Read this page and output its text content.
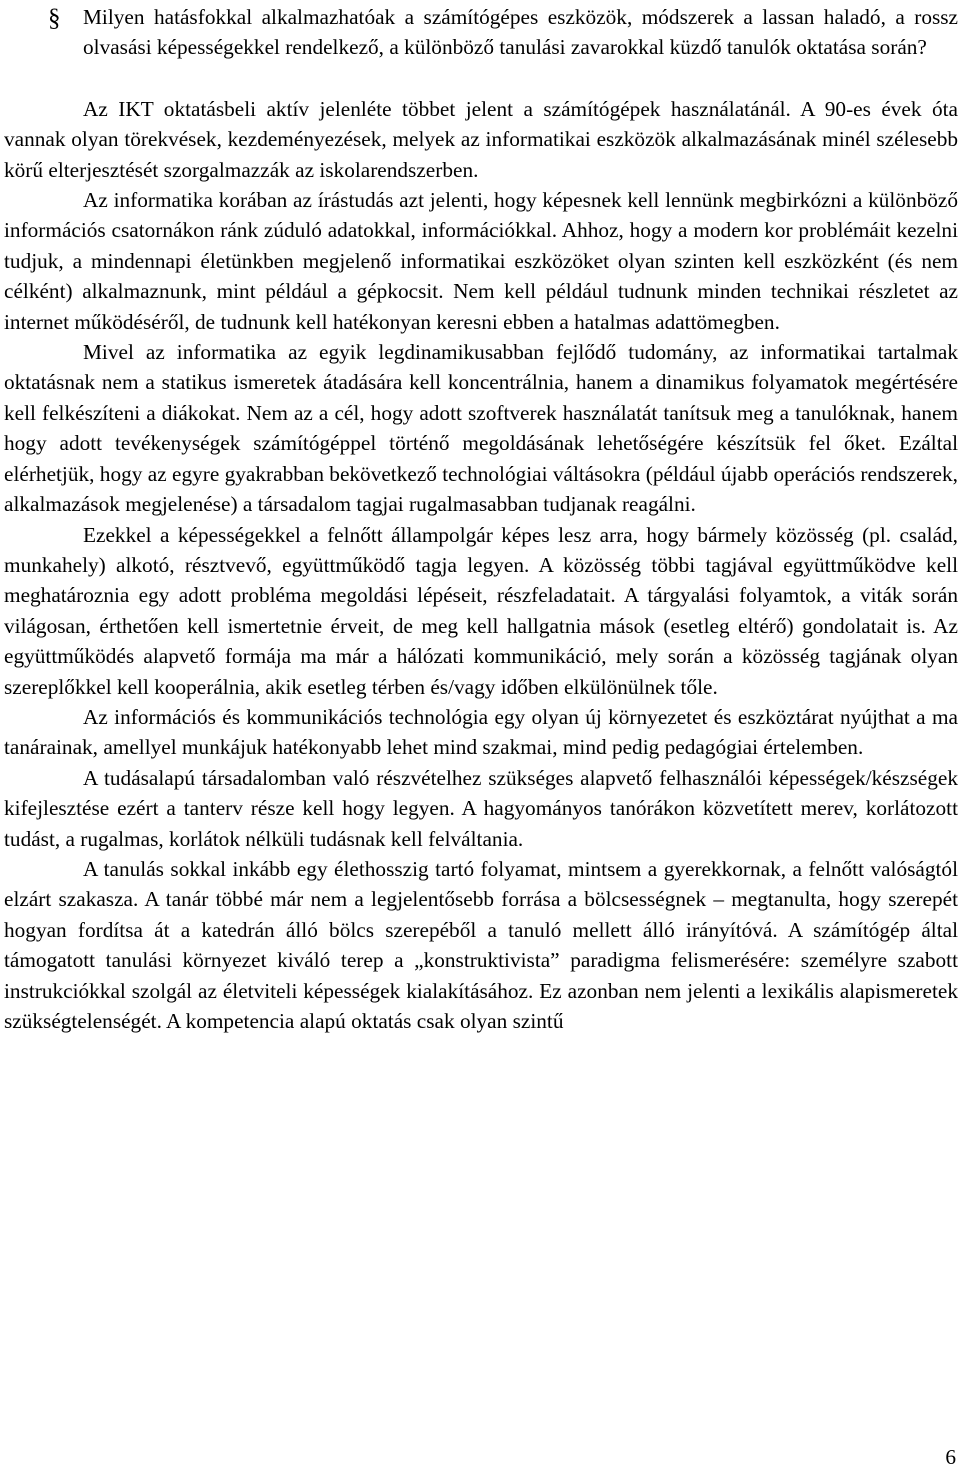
§ Milyen hatásfokkal alkalmazhatóak a számítógépes eszközök, módszerek a lassan haladó, a rossz olvasási képességekkel rendelkező, a különböző tanulási zavarokkal küzdő tanulók oktatása során?

Az IKT oktatásbeli aktív jelenléte többet jelent a számítógépek használatánál. A 90-es évek óta vannak olyan törekvések, kezdeményezések, melyek az informatikai eszközök alkalmazásának minél szélesebb körű elterjesztését szorgalmazzák az iskolarendszerben.

Az informatika korában az írástudás azt jelenti, hogy képesnek kell lennünk megbirkózni a különböző információs csatornákon ránk zúduló adatokkal, információkkal. Ahhoz, hogy a modern kor problémáit kezelni tudjuk, a mindennapi életünkben megjelenő informatikai eszközöket olyan szinten kell eszközként (és nem célként) alkalmaznunk, mint például a gépkocsit. Nem kell például tudnunk minden technikai részletet az internet működéséről, de tudnunk kell hatékonyan keresni ebben a hatalmas adattömegben.

Mivel az informatika az egyik legdinamikusabban fejlődő tudomány, az informatikai tartalmak oktatásnak nem a statikus ismeretek átadására kell koncentrálnia, hanem a dinamikus folyamatok megértésére kell felkészíteni a diákokat. Nem az a cél, hogy adott szoftverek használatát tanítsuk meg a tanulóknak, hanem hogy adott tevékenységek számítógéppel történő megoldásának lehetőségére készítsük fel őket. Ezáltal elérhetjük, hogy az egyre gyakrabban bekövetkező technológiai váltásokra (például újabb operációs rendszerek, alkalmazások megjelenése) a társadalom tagjai rugalmasabban tudjanak reagálni.

Ezekkel a képességekkel a felnőtt állampolgár képes lesz arra, hogy bármely közösség (pl. család, munkahely) alkotó, résztvevő, együttműködő tagja legyen. A közösség többi tagjával együttműködve kell meghatároznia egy adott probléma megoldási lépéseit, részfeladatait. A tárgyalási folyamtok, a viták során világosan, érthetően kell ismertetnie érveit, de meg kell hallgatnia mások (esetleg eltérő) gondolatait is. Az együttműködés alapvető formája ma már a hálózati kommunikáció, mely során a közösség tagjának olyan szereplőkkel kell kooperálnia, akik esetleg térben és/vagy időben elkülönülnek tőle.

Az információs és kommunikációs technológia egy olyan új környezetet és eszköztárat nyújthat a ma tanárainak, amellyel munkájuk hatékonyabb lehet mind szakmai, mind pedig pedagógiai értelemben.

A tudásalapú társadalomban való részvételhez szükséges alapvető felhasználói képességek/készségek kifejlesztése ezért a tanterv része kell hogy legyen. A hagyományos tanórákon közvetített merev, korlátozott tudást, a rugalmas, korlátok nélküli tudásnak kell felváltania.

A tanulás sokkal inkább egy élethosszig tartó folyamat, mintsem a gyerekkornak, a felnőtt valóságtól elzárt szakasza. A tanár többé már nem a legjelentősebb forrása a bölcsességnek – megtanulta, hogy szerepét hogyan fordítsa át a katedrán álló bölcs szerepéből a tanuló mellett álló irányítóvá. A számítógép által támogatott tanulási környezet kiváló terep a „konstruktivista” paradigma felismerésére: személyre szabott instrukciókkal szolgál az életviteli képességek kialakításához. Ez azonban nem jelenti a lexikális alapismeretek szükségtelenségét. A kompetencia alapú oktatás csak olyan szintű

6
